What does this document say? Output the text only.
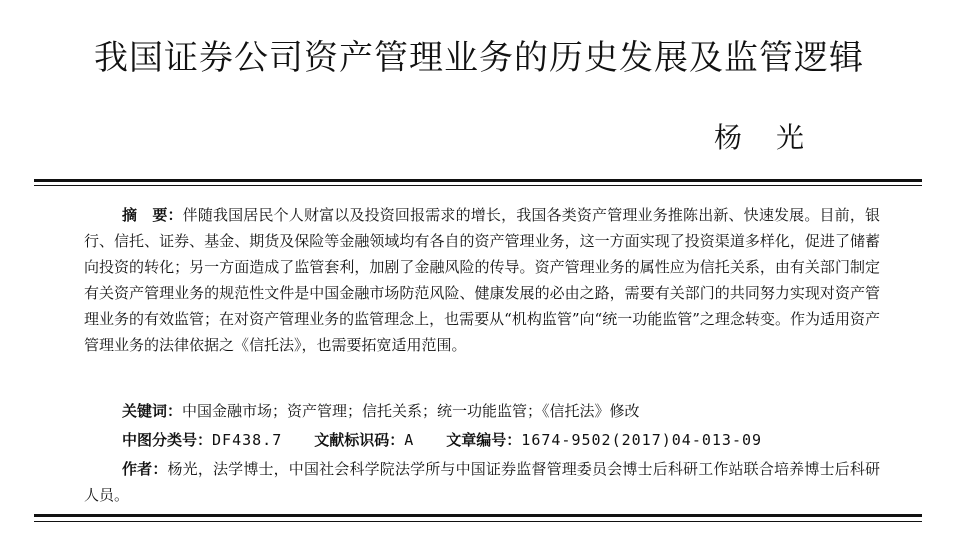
我国证券公司资产管理业务的历史发展及监管逻辑
杨光
摘　要：伴随我国居民个人财富以及投资回报需求的增长，我国各类资产管理业务推陈出新、快速发展。目前，银行、信托、证券、基金、期货及保险等金融领域均有各自的资产管理业务，这一方面实现了投资渠道多样化，促进了储蓄向投资的转化；另一方面造成了监管套利，加剧了金融风险的传导。资产管理业务的属性应为信托关系，由有关部门制定有关资产管理业务的规范性文件是中国金融市场防范风险、健康发展的必由之路，需要有关部门的共同努力实现对资产管理业务的有效监管；在对资产管理业务的监管理念上，也需要从“机构监管”向“统一功能监管”之理念转变。作为适用资产管理业务的法律依据之《信托法》，也需要拓宽适用范围。
关键词：中国金融市场；资产管理；信托关系；统一功能监管；《信托法》修改
中图分类号：DF438.7 文献标识码：A 文章编号：1674-9502(2017)04-013-09
作者：杨光，法学博士，中国社会科学院法学所与中国证券监督管理委员会博士后科研工作站联合培养博士后科研人员。
